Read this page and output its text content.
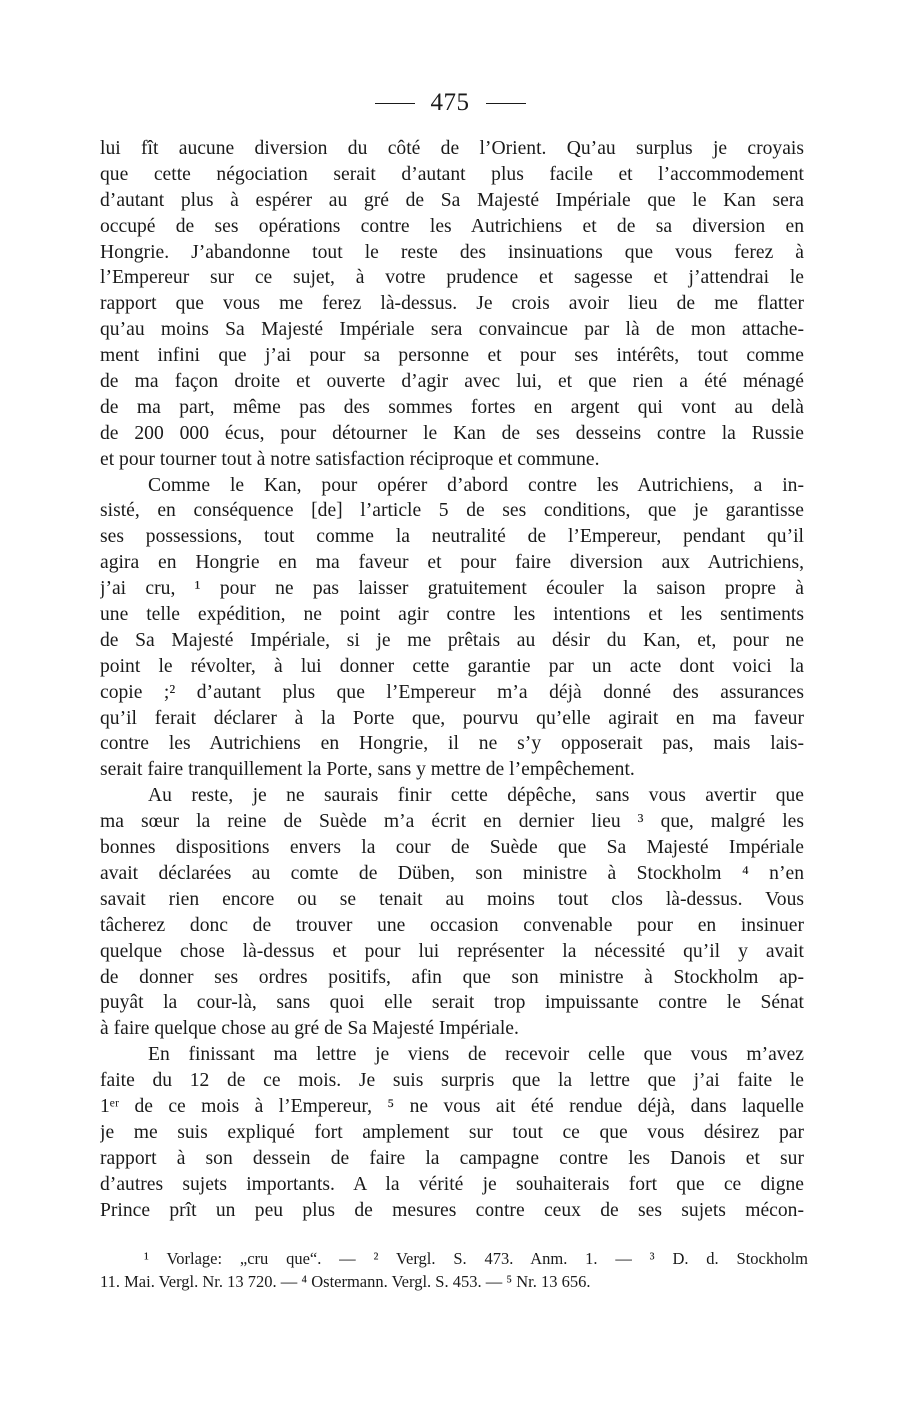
475
lui fît aucune diversion du côté de l’Orient. Qu’au surplus je croyais
que cette négociation serait d’autant plus facile et l’accommodement
d’autant plus à espérer au gré de Sa Majesté Impériale que le Kan sera
occupé de ses opérations contre les Autrichiens et de sa diversion en
Hongrie. J’abandonne tout le reste des insinuations que vous ferez à
l’Empereur sur ce sujet, à votre prudence et sagesse et j’attendrai le
rapport que vous me ferez là-dessus. Je crois avoir lieu de me flatter
qu’au moins Sa Majesté Impériale sera convaincue par là de mon attache-
ment infini que j’ai pour sa personne et pour ses intérêts, tout comme
de ma façon droite et ouverte d’agir avec lui, et que rien a été ménagé
de ma part, même pas des sommes fortes en argent qui vont au delà
de 200 000 écus, pour détourner le Kan de ses desseins contre la Russie
et pour tourner tout à notre satisfaction réciproque et commune.
Comme le Kan, pour opérer d’abord contre les Autrichiens, a in-
sisté, en conséquence [de] l’article 5 de ses conditions, que je garantisse
ses possessions, tout comme la neutralité de l’Empereur, pendant qu’il
agira en Hongrie en ma faveur et pour faire diversion aux Autrichiens,
j’ai cru, ¹ pour ne pas laisser gratuitement écouler la saison propre à
une telle expédition, ne point agir contre les intentions et les sentiments
de Sa Majesté Impériale, si je me prêtais au désir du Kan, et, pour ne
point le révolter, à lui donner cette garantie par un acte dont voici la
copie ;² d’autant plus que l’Empereur m’a déjà donné des assurances
qu’il ferait déclarer à la Porte que, pourvu qu’elle agirait en ma faveur
contre les Autrichiens en Hongrie, il ne s’y opposerait pas, mais lais-
serait faire tranquillement la Porte, sans y mettre de l’empêchement.
Au reste, je ne saurais finir cette dépêche, sans vous avertir que
ma sœur la reine de Suède m’a écrit en dernier lieu ³ que, malgré les
bonnes dispositions envers la cour de Suède que Sa Majesté Impériale
avait déclarées au comte de Düben, son ministre à Stockholm ⁴ n’en
savait rien encore ou se tenait au moins tout clos là-dessus. Vous
tâcherez donc de trouver une occasion convenable pour en insinuer
quelque chose là-dessus et pour lui représenter la nécessité qu’il y avait
de donner ses ordres positifs, afin que son ministre à Stockholm ap-
puyât la cour-là, sans quoi elle serait trop impuissante contre le Sénat
à faire quelque chose au gré de Sa Majesté Impériale.
En finissant ma lettre je viens de recevoir celle que vous m’avez
faite du 12 de ce mois. Je suis surpris que la lettre que j’ai faite le
1ᵉʳ de ce mois à l’Empereur, ⁵ ne vous ait été rendue déjà, dans laquelle
je me suis expliqué fort amplement sur tout ce que vous désirez par
rapport à son dessein de faire la campagne contre les Danois et sur
d’autres sujets importants. A la vérité je souhaiterais fort que ce digne
Prince prît un peu plus de mesures contre ceux de ses sujets mécon-
¹ Vorlage: „cru que“. — ² Vergl. S. 473. Anm. 1. — ³ D. d. Stockholm
11. Mai. Vergl. Nr. 13 720. — ⁴ Ostermann. Vergl. S. 453. — ⁵ Nr. 13 656.
